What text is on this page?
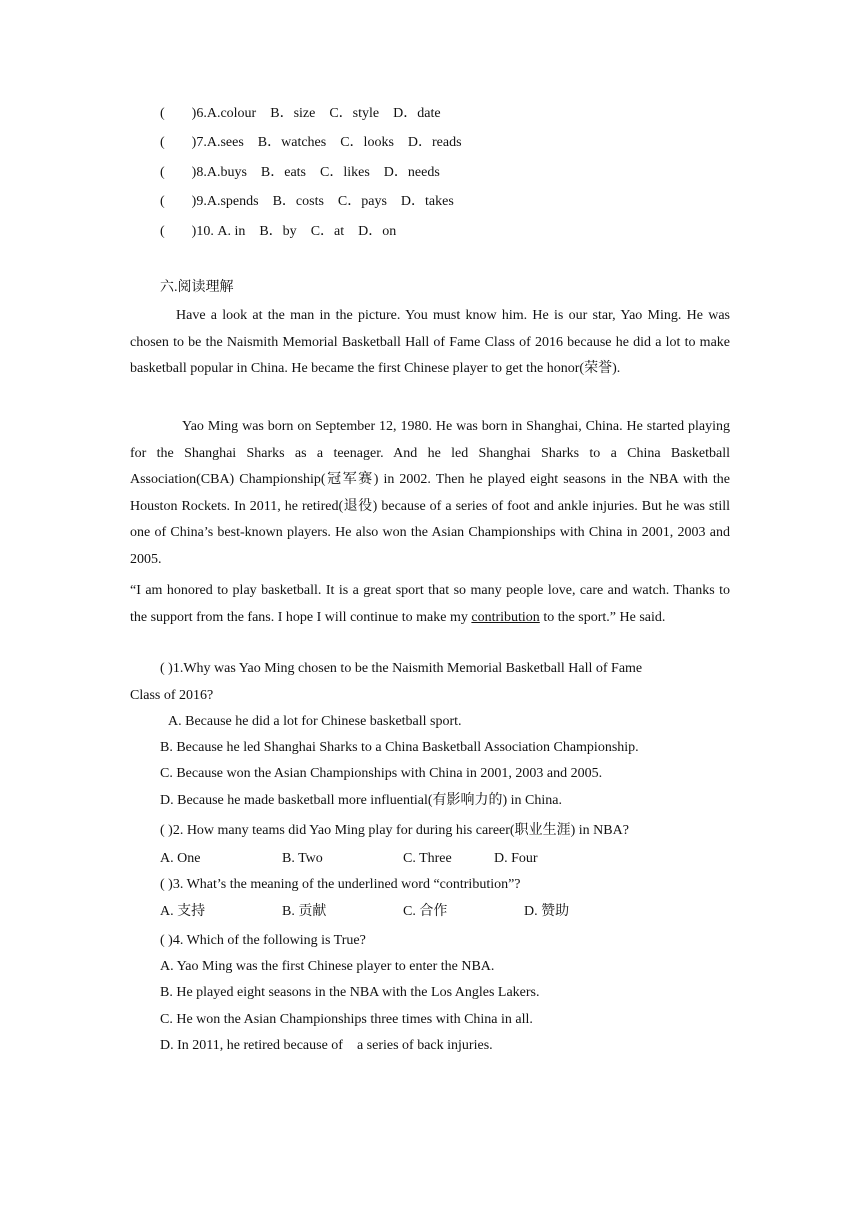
( )6.A.colour B．size C．style D．date
( )7.A.sees B．watches C．looks D．reads
( )8.A.buys B．eats C．likes D．needs
( )9.A.spends B．costs C．pays D．takes
( )10. A. in B．by C．at D．on
六.阅读理解
Have a look at the man in the picture. You must know him. He is our star, Yao Ming. He was chosen to be the Naismith Memorial Basketball Hall of Fame Class of 2016 because he did a lot to make basketball popular in China. He became the first Chinese player to get the honor(荣誉).
Yao Ming was born on September 12, 1980. He was born in Shanghai, China. He started playing for the Shanghai Sharks as a teenager. And he led Shanghai Sharks to a China Basketball Association(CBA) Championship(冠军赛) in 2002. Then he played eight seasons in the NBA with the Houston Rockets. In 2011, he retired(退役) because of a series of foot and ankle injuries. But he was still one of China’s best-known players. He also won the Asian Championships with China in 2001, 2003 and 2005.
“I am honored to play basketball. It is a great sport that so many people love, care and watch. Thanks to the support from the fans. I hope I will continue to make my contribution to the sport.” He said.
( )1.Why was Yao Ming chosen to be the Naismith Memorial Basketball Hall of Fame
Class of 2016?
A. Because he did a lot for Chinese basketball sport.
B. Because he led Shanghai Sharks to a China Basketball Association Championship.
C. Because won the Asian Championships with China in 2001, 2003 and 2005.
D. Because he made basketball more influential(有影响力的) in China.
( )2. How many teams did Yao Ming play for during his career(职业生涯) in NBA?
A. One	B. Two	C. Three	D. Four
( )3. What’s the meaning of the underlined word “contribution”?
A. 支持	B. 贡献	C. 合作	D. 赞助
( )4. Which of the following is True?
A. Yao Ming was the first Chinese player to enter the NBA.
B. He played eight seasons in the NBA with the Los Angles Lakers.
C. He won the Asian Championships three times with China in all.
D. In 2011, he retired because of    a series of back injuries.
